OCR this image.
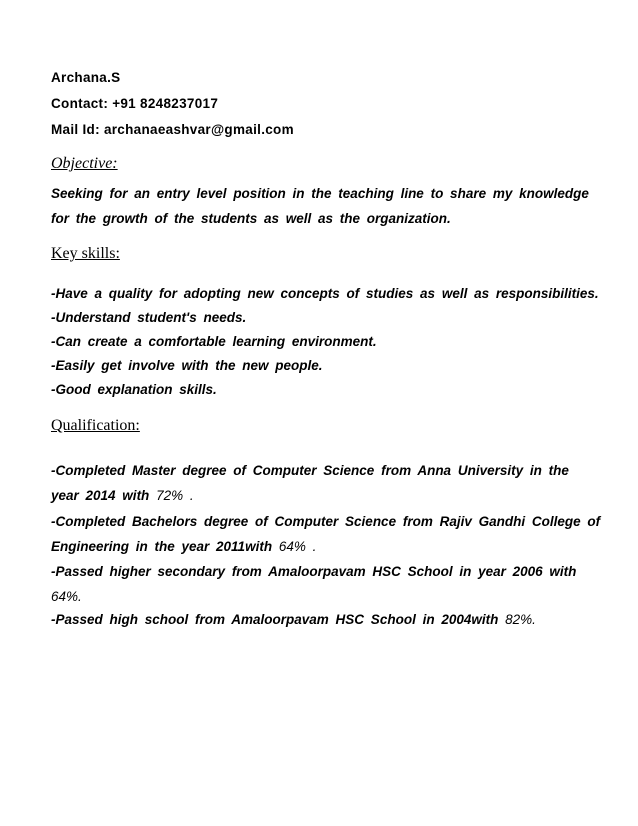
Archana.S
Contact: +91 8248237017
Mail Id: archanaeashvar@gmail.com
Objective:
Seeking for an entry level position in the teaching line to share my knowledge
for the growth of the students as well as the organization.
Key skills:
-Have a quality for adopting new concepts of studies as well as responsibilities.
-Understand student's needs.
-Can create a comfortable learning environment.
-Easily get involve with the new people.
-Good explanation skills.
Qualification:
-Completed Master degree of Computer Science from Anna University in the
year 2014 with 72% .
-Completed Bachelors degree of Computer Science from Rajiv Gandhi College of
Engineering in the year 2011with 64% .
-Passed higher secondary from Amaloorpavam HSC School in year 2006 with
64%.
-Passed high school from Amaloorpavam HSC School in 2004with 82%.
